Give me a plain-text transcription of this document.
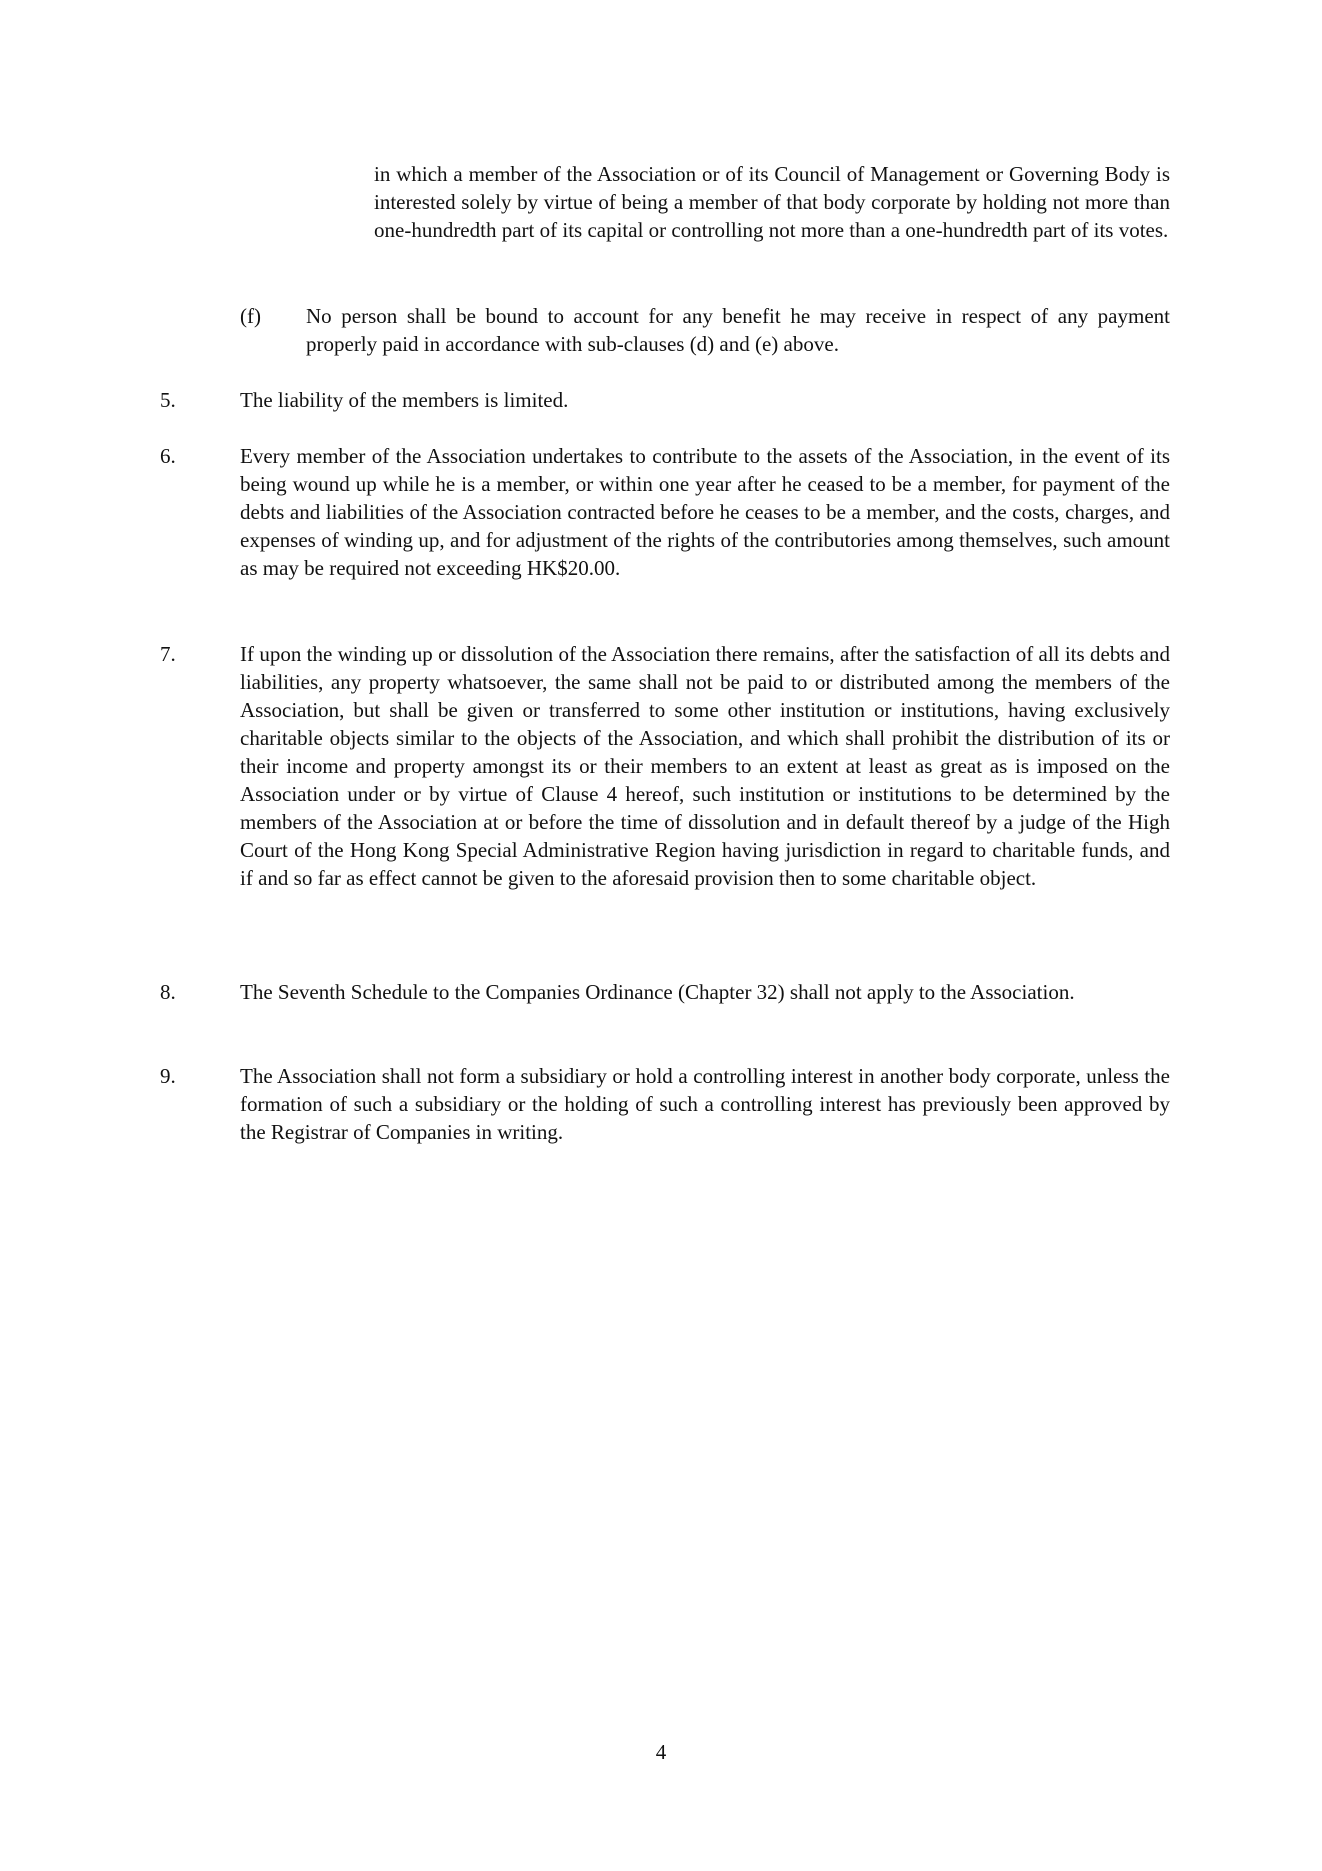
in which a member of the Association or of its Council of Management or Governing Body is interested solely by virtue of being a member of that body corporate by holding not more than one-hundredth part of its capital or controlling not more than a one-hundredth part of its votes.
(f) No person shall be bound to account for any benefit he may receive in respect of any payment properly paid in accordance with sub-clauses (d) and (e) above.
5.	The liability of the members is limited.
6.	Every member of the Association undertakes to contribute to the assets of the Association, in the event of its being wound up while he is a member, or within one year after he ceased to be a member, for payment of the debts and liabilities of the Association contracted before he ceases to be a member, and the costs, charges, and expenses of winding up, and for adjustment of the rights of the contributories among themselves, such amount as may be required not exceeding HK$20.00.
7.	If upon the winding up or dissolution of the Association there remains, after the satisfaction of all its debts and liabilities, any property whatsoever, the same shall not be paid to or distributed among the members of the Association, but shall be given or transferred to some other institution or institutions, having exclusively charitable objects similar to the objects of the Association, and which shall prohibit the distribution of its or their income and property amongst its or their members to an extent at least as great as is imposed on the Association under or by virtue of Clause 4 hereof, such institution or institutions to be determined by the members of the Association at or before the time of dissolution and in default thereof by a judge of the High Court of the Hong Kong Special Administrative Region having jurisdiction in regard to charitable funds, and if and so far as effect cannot be given to the aforesaid provision then to some charitable object.
8.	The Seventh Schedule to the Companies Ordinance (Chapter 32) shall not apply to the Association.
9.	The Association shall not form a subsidiary or hold a controlling interest in another body corporate, unless the formation of such a subsidiary or the holding of such a controlling interest has previously been approved by the Registrar of Companies in writing.
4
